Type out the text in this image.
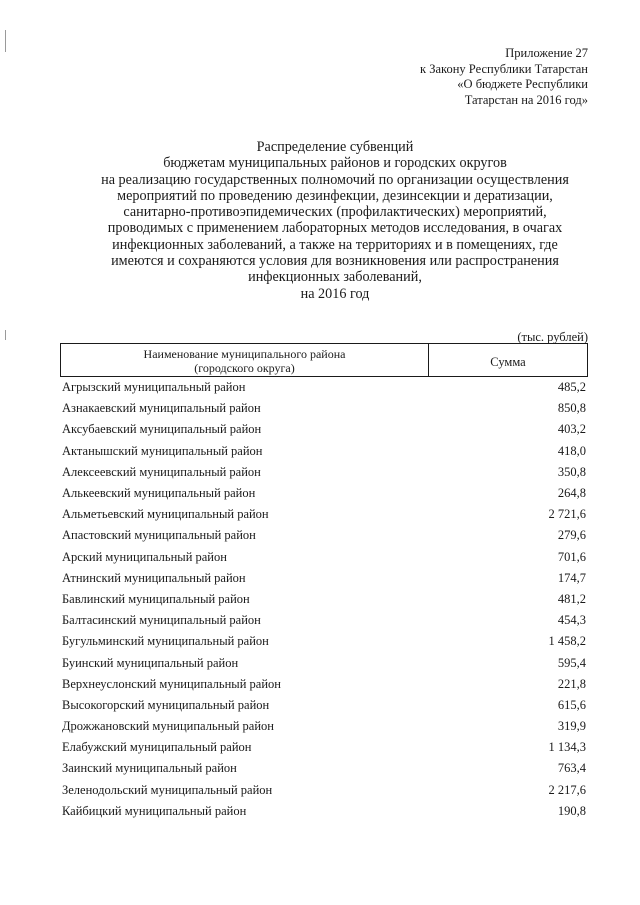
Приложение 27
к Закону Республики Татарстан
«О бюджете Республики
Татарстан на 2016 год»
Распределение субвенций
бюджетам муниципальных районов и городских округов
на реализацию государственных полномочий по организации осуществления
мероприятий по проведению дезинфекции, дезинсекции и дератизации,
санитарно-противоэпидемических (профилактических) мероприятий,
проводимых с применением лабораторных методов исследования, в очагах
инфекционных заболеваний, а также на территориях и в помещениях, где
имеются и сохраняются условия для возникновения или распространения
инфекционных заболеваний,
на 2016 год
(тыс. рублей)
Наименование муниципального района
(городского округа)	Сумма
Агрызский муниципальный район	485,2
Азнакаевский муниципальный район	850,8
Аксубаевский муниципальный район	403,2
Актанышский муниципальный район	418,0
Алексеевский муниципальный район	350,8
Алькеевский муниципальный район	264,8
Альметьевский муниципальный район	2 721,6
Апастовский муниципальный район	279,6
Арский муниципальный район	701,6
Атнинский муниципальный район	174,7
Бавлинский муниципальный район	481,2
Балтасинский муниципальный район	454,3
Бугульминский муниципальный район	1 458,2
Буинский муниципальный район	595,4
Верхнеуслонский муниципальный район	221,8
Высокогорский муниципальный район	615,6
Дрожжановский муниципальный район	319,9
Елабужский муниципальный район	1 134,3
Заинский муниципальный район	763,4
Зеленодольский муниципальный район	2 217,6
Кайбицкий муниципальный район	190,8
